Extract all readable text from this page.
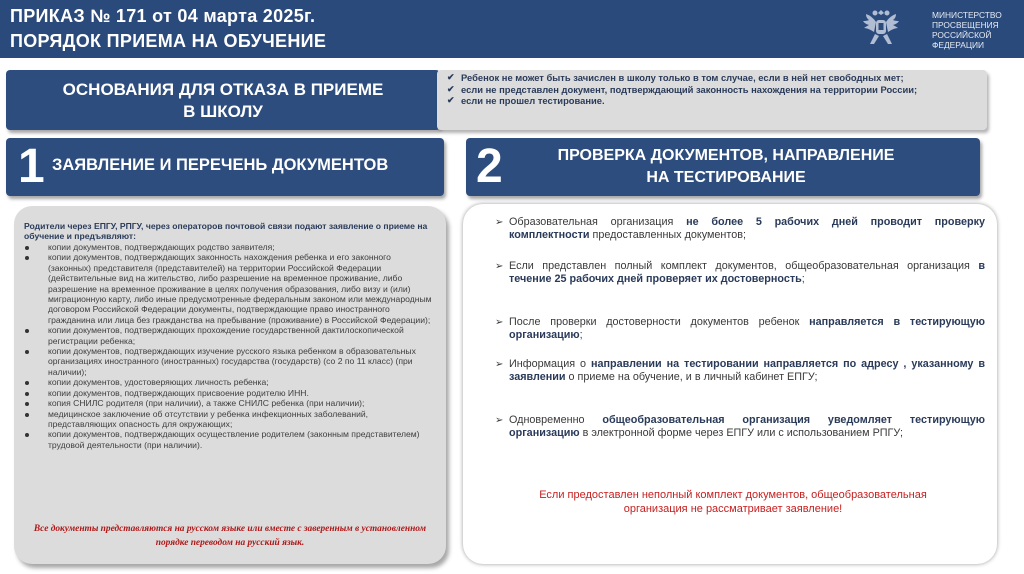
ПРИКАЗ № 171 от 04 марта 2025г.
ПОРЯДОК ПРИЕМА НА ОБУЧЕНИЕ
МИНИСТЕРСТВО
ПРОСВЕЩЕНИЯ
РОССИЙСКОЙ
ФЕДЕРАЦИИ
ОСНОВАНИЯ ДЛЯ ОТКАЗА В ПРИЕМЕ
В ШКОЛУ
✔ Ребенок не может быть зачислен в школу только в том случае, если в ней нет свободных мет;
✔ если не представлен документ, подтверждающий законность нахождения на территории России;
✔ если не прошел тестирование.
1 ЗАЯВЛЕНИЕ И ПЕРЕЧЕНЬ ДОКУМЕНТОВ 2	ПРОВЕРКА ДОКУМЕНТОВ, НАПРАВЛЕНИЕ
НА ТЕСТИРОВАНИЕ
Родители через ЕПГУ, РПГУ, через операторов почтовой связи подают заявление о приеме на обучение и предъявляют:
копии документов, подтверждающих родство заявителя;
копии документов, подтверждающих законность нахождения ребенка и его законного (законных) представителя (представителей) на территории Российской Федерации (действительные вид на жительство, либо разрешение на временное проживание, либо разрешение на временное проживание в целях получения образования, либо визу и (или) миграционную карту, либо иные предусмотренные федеральным законом или международным договором Российской Федерации документы, подтверждающие право иностранного гражданина или лица без гражданства на пребывание (проживание) в Российской Федерации);
копии документов, подтверждающих прохождение государственной дактилоскопической регистрации ребенка;
копии документов, подтверждающих изучение русского языка ребенком в образовательных организациях иностранного (иностранных) государства (государств) (со 2 по 11 класс) (при наличии);
копии документов, удостоверяющих личность ребенка;
копии документов, подтверждающих присвоение родителю ИНН.
копия СНИЛС родителя (при наличии), а также СНИЛС ребенка (при наличии);
медицинское заключение об отсутствии у ребенка инфекционных заболеваний, представляющих опасность для окружающих;
копии документов, подтверждающих осуществление родителем (законным представителем) трудовой деятельности (при наличии).
Все документы представляются на русском языке или вместе с заверенным в установленном порядке переводом на русский язык.
➢ Образовательная организация не более 5 рабочих дней проводит проверку комплектности предоставленных документов;
➢ Если представлен полный комплект документов, общеобразовательная организация в течение 25 рабочих дней проверяет их достоверность;
➢ После проверки достоверности документов ребенок направляется в тестирующую организацию;
➢ Информация о направлении на тестировании направляется по адресу , указанному в заявлении о приеме на обучение, и в личный кабинет ЕПГУ;
➢ Одновременно общеобразовательная организация уведомляет тестирующую организацию в электронной форме через ЕПГУ или с использованием РПГУ;
Если предоставлен неполный комплект документов, общеобразовательная организация не рассматривает заявление!
